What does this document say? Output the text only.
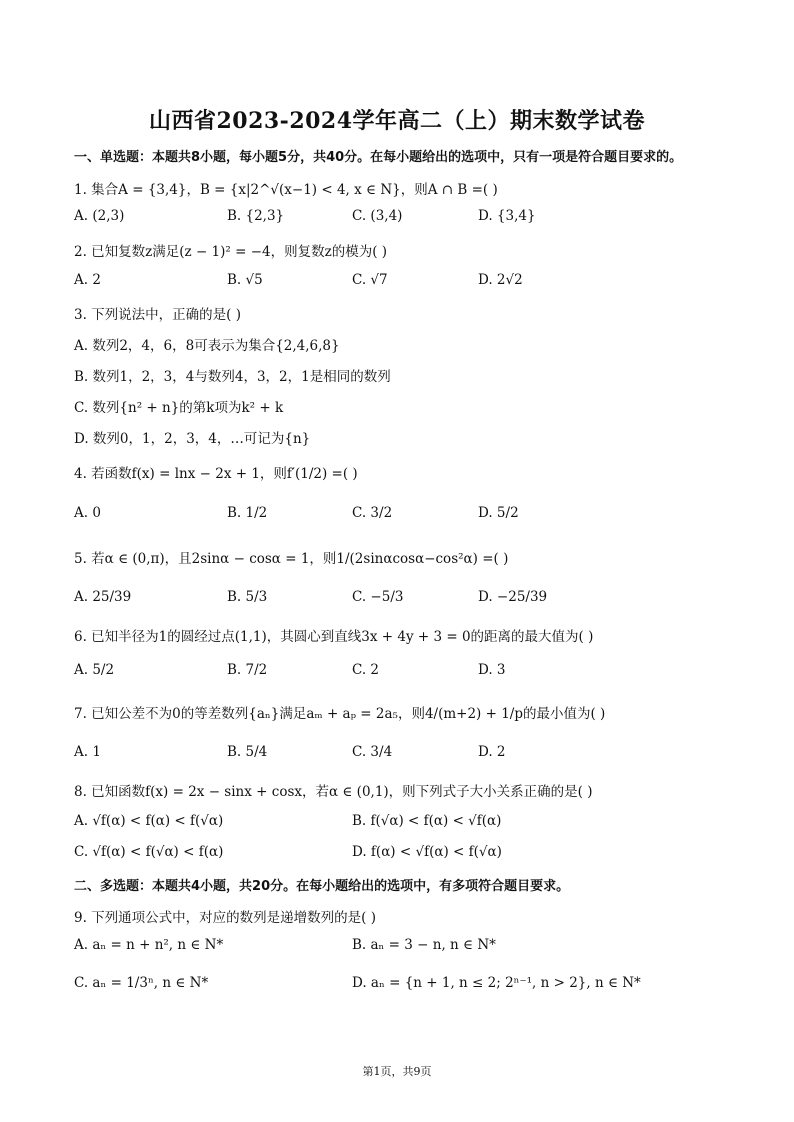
山西省2023-2024学年高二（上）期末数学试卷
一、单选题：本题共8小题，每小题5分，共40分。在每小题给出的选项中，只有一项是符合题目要求的。
1. 集合A = {3,4}，B = {x|2^√(x−1) < 4, x ∈ N}，则A ∩ B =( )
A. (2,3)	B. {2,3}	C. (3,4)	D. {3,4}
2. 已知复数z满足(z − 1)² = −4，则复数z的模为( )
A. 2	B. √5	C. √7	D. 2√2
3. 下列说法中，正确的是( )
A. 数列2，4，6，8可表示为集合{2,4,6,8}
B. 数列1，2，3，4与数列4，3，2，1是相同的数列
C. 数列{n² + n}的第k项为k² + k
D. 数列0，1，2，3，4，…可记为{n}
4. 若函数f(x) = lnx − 2x + 1，则f′(1/2) =( )
A. 0	B. 1/2	C. 3/2	D. 5/2
5. 若α ∈ (0,π)，且2sinα − cosα = 1，则1/(2sinαcosα−cos²α) =( )
A. 25/39	B. 5/3	C. −5/3	D. −25/39
6. 已知半径为1的圆经过点(1,1)，其圆心到直线3x + 4y + 3 = 0的距离的最大值为( )
A. 5/2	B. 7/2	C. 2	D. 3
7. 已知公差不为0的等差数列{aₙ}满足aₘ + aₚ = 2a₅，则4/(m+2) + 1/p的最小值为( )
A. 1	B. 5/4	C. 3/4	D. 2
8. 已知函数f(x) = 2x − sinx + cosx，若α ∈ (0,1)，则下列式子大小关系正确的是( )
A. √f(α) < f(α) < f(√α)	B. f(√α) < f(α) < √f(α)
C. √f(α) < f(√α) < f(α)	D. f(α) < √f(α) < f(√α)
二、多选题：本题共4小题，共20分。在每小题给出的选项中，有多项符合题目要求。
9. 下列通项公式中，对应的数列是递增数列的是( )
A. aₙ = n + n², n ∈ N*	B. aₙ = 3 − n, n ∈ N*
C. aₙ = 1/3ⁿ, n ∈ N*	D. aₙ = {n + 1, n ≤ 2; 2ⁿ⁻¹, n > 2}, n ∈ N*
第1页，共9页
